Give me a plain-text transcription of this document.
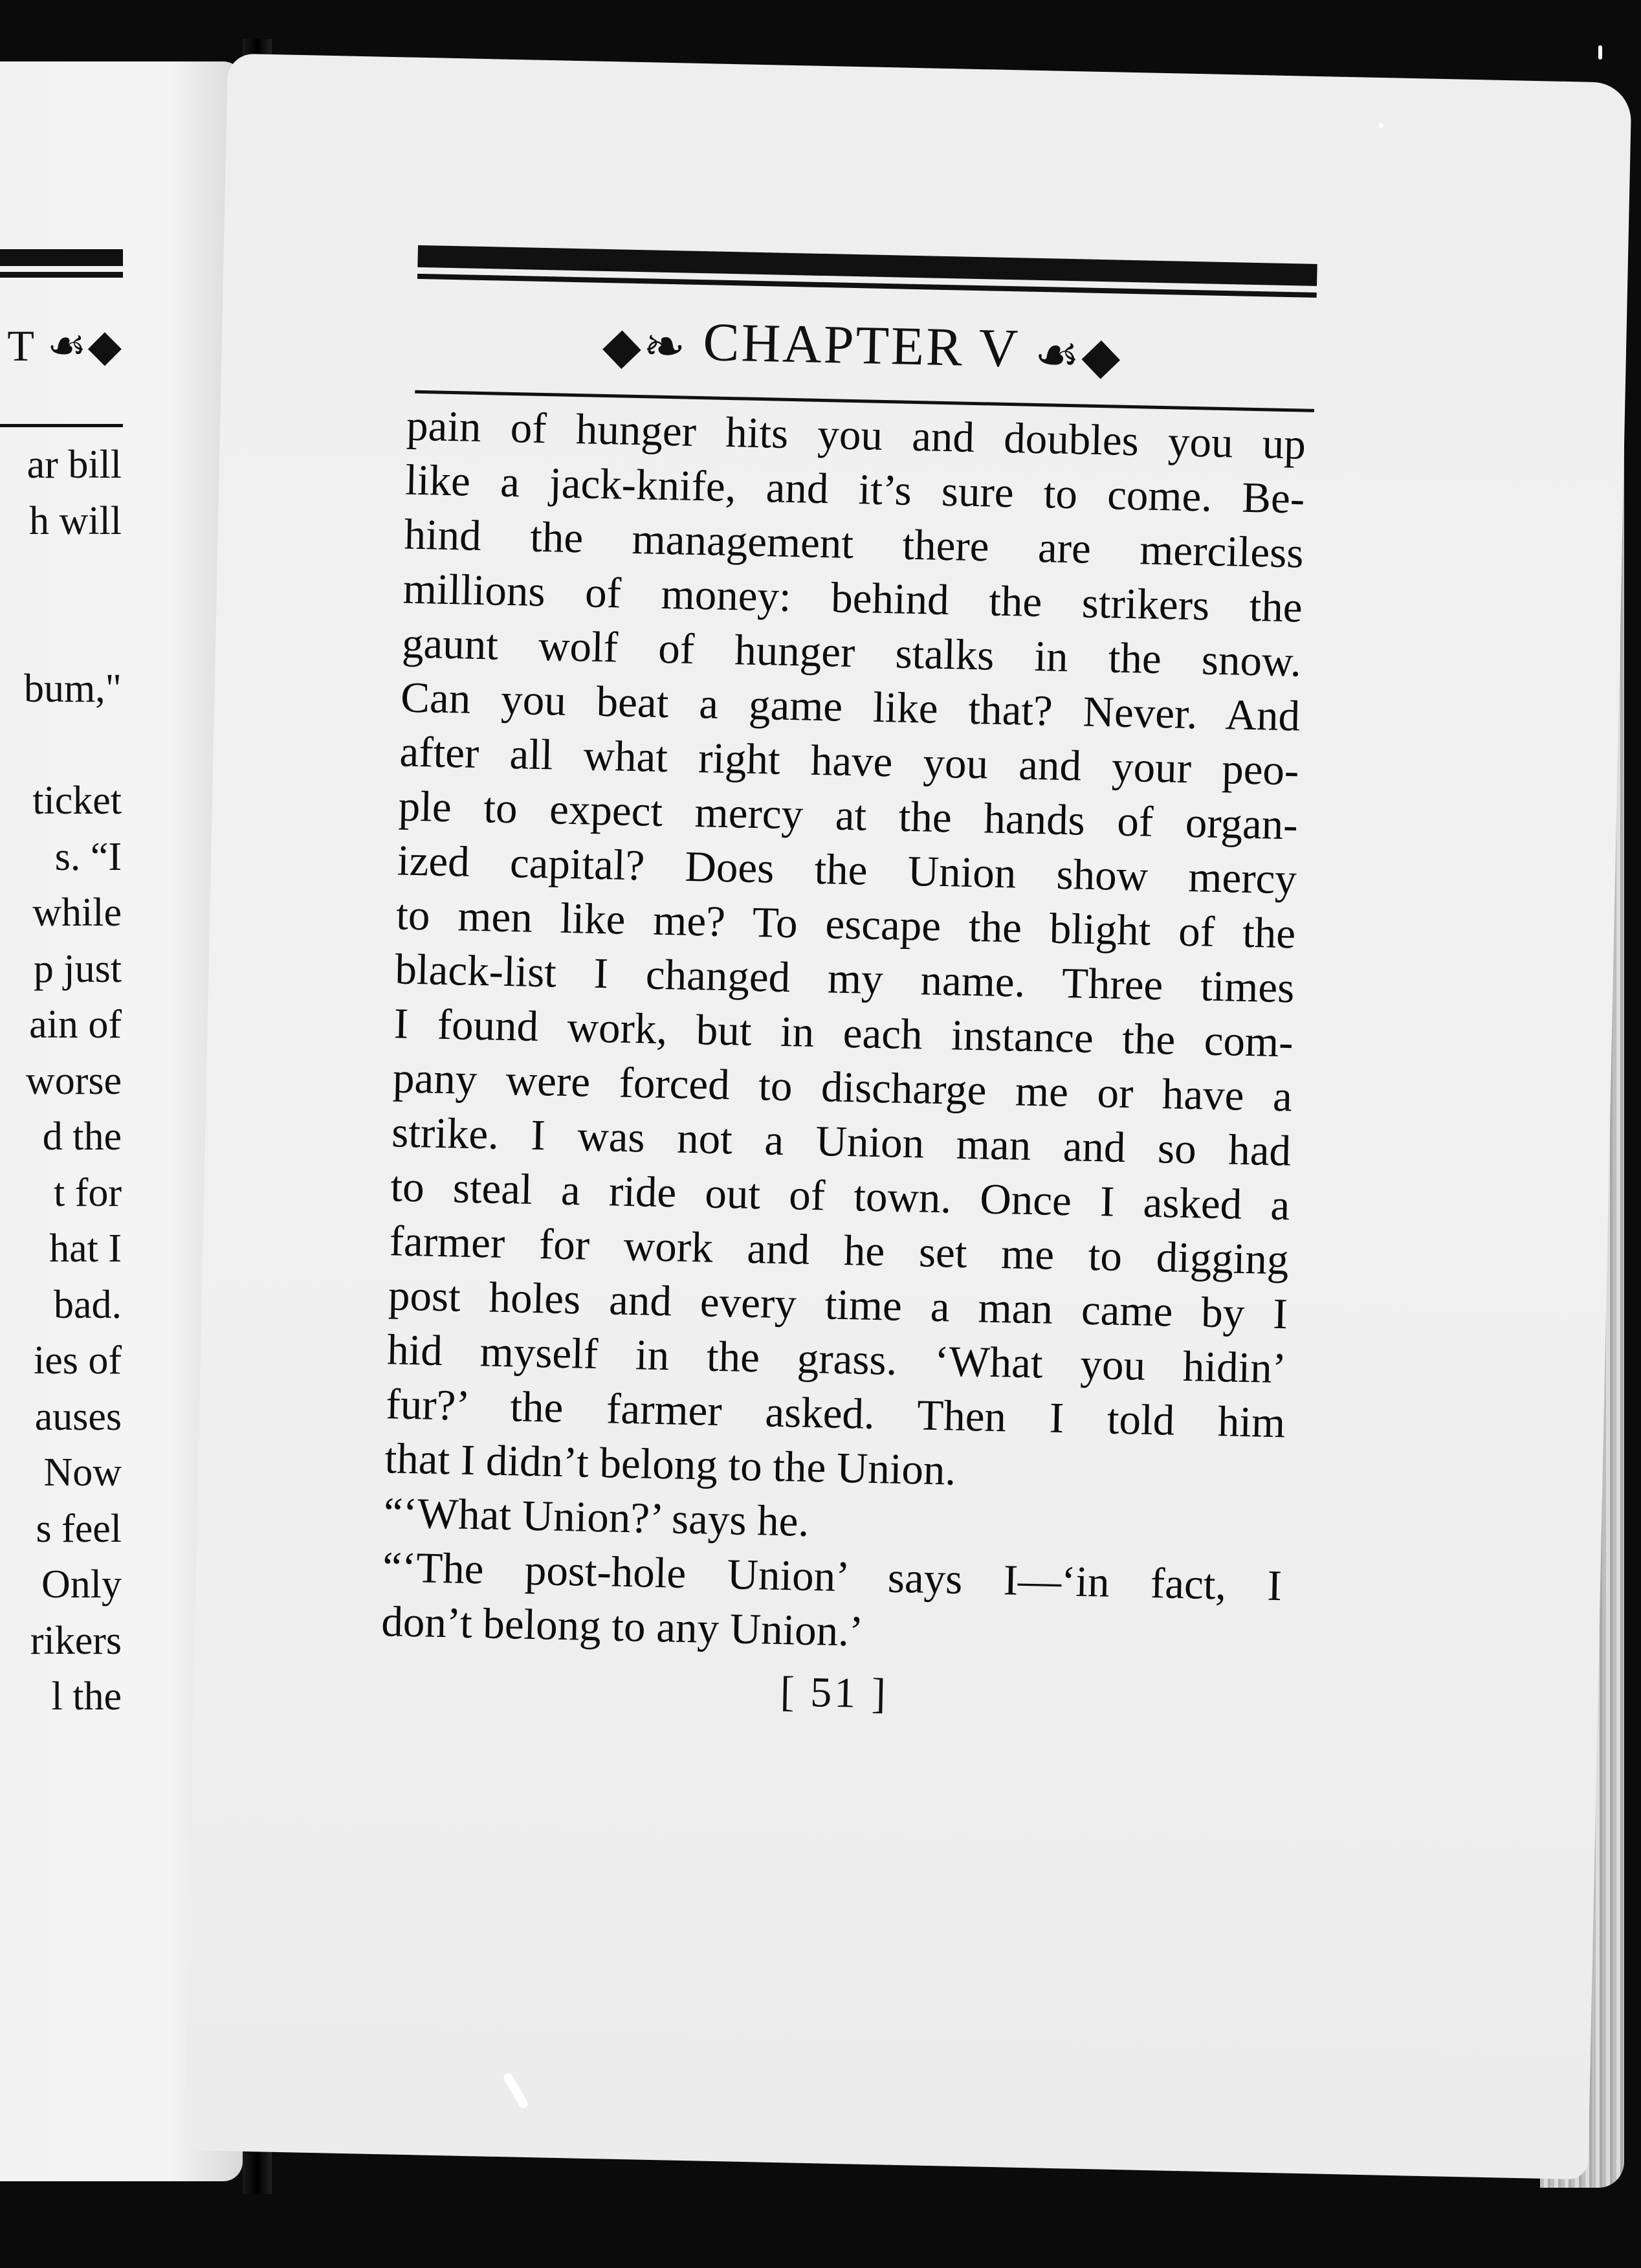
T ☙◆
ar bill
h will
bum,"
ticket
s. “I
while
p just
ain of
worse
d the
t for
hat I
bad.
ies of
auses
Now
s feel
Only
rikers
l the
◆❧ CHAPTER V ☙◆
pain of hunger hits you and doubles you up
like a jack-knife, and it’s sure to come. Be-
hind the management there are merciless
millions of money: behind the strikers the
gaunt wolf of hunger stalks in the snow.
Can you beat a game like that? Never. And
after all what right have you and your peo-
ple to expect mercy at the hands of organ-
ized capital? Does the Union show mercy
to men like me? To escape the blight of the
black-list I changed my name. Three times
I found work, but in each instance the com-
pany were forced to discharge me or have a
strike. I was not a Union man and so had
to steal a ride out of town. Once I asked a
farmer for work and he set me to digging
post holes and every time a man came by I
hid myself in the grass. ‘What you hidin’
fur?’ the farmer asked. Then I told him
that I didn’t belong to the Union.
“‘What Union?’ says he.
“‘The post-hole Union’ says I—‘in fact, I
don’t belong to any Union.’
[ 51 ]
